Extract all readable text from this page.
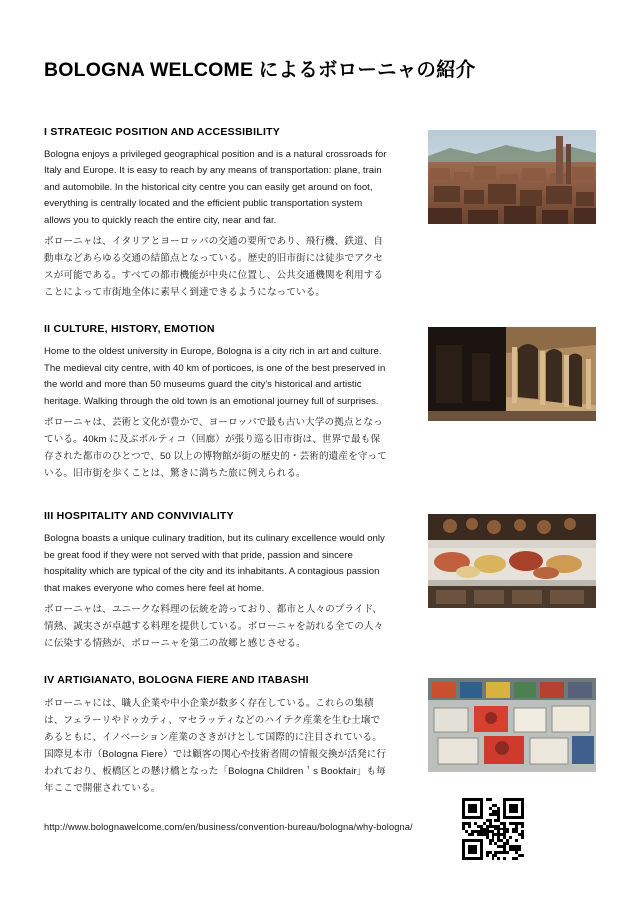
BOLOGNA WELCOME によるボローニャの紹介
I STRATEGIC POSITION AND ACCESSIBILITY

Bologna enjoys a privileged geographical position and is a natural crossroads for Italy and Europe. It is easy to reach by any means of transportation: plane, train and automobile. In the historical city centre you can easily get around on foot, everything is centrally located and the efficient public transportation system allows you to quickly reach the entire city, near and far.

ボローニャは、イタリアとヨーロッパの交通の要所であり、飛行機、鉄道、自動車などあらゆる交通の結節点となっている。歴史的旧市街には徒歩でアクセスが可能である。すべての都市機能が中央に位置し、公共交通機関を利用することによって市街地全体に素早く到達できるようになっている。

II CULTURE, HISTORY, EMOTION

Home to the oldest university in Europe, Bologna is a city rich in art and culture. The medieval city centre, with 40 km of porticoes, is one of the best preserved in the world and more than 50 museums guard the city's historical and artistic heritage. Walking through the old town is an emotional journey full of surprises.

ボローニャは、芸術と文化が豊かで、ヨーロッパで最も古い大学の拠点となっている。40km に及ぶポルティコ（回廊）が張り巡る旧市街は、世界で最も保存された都市のひとつで、50 以上の博物館が街の歴史的・芸術的遺産を守っている。旧市街を歩くことは、驚きに満ちた旅に例えられる。

III HOSPITALITY AND CONVIVIALITY

Bologna boasts a unique culinary tradition, but its culinary excellence would only be great food if they were not served with that pride, passion and sincere hospitality which are typical of the city and its inhabitants. A contagious passion that makes everyone who comes here feel at home.

ボローニャは、ユニークな料理の伝統を誇っており、都市と人々のプライド、情熱、誠実さが卓越する料理を提供している。ボローニャを訪れる全ての人々に伝染する情熱が、ボローニャを第二の故郷と感じさせる。

IV ARTIGIANATO, BOLOGNA FIERE AND ITABASHI

ボローニャには、職人企業や中小企業が数多く存在している。これらの集積は、フェラーリやドゥカティ、マセラッティなどのハイテク産業を生む土壌であるともに、イノベーション産業のさきがけとして国際的に注目されている。国際見本市（Bologna Fiere）では顧客の関心や技術者間の情報交換が活発に行われており、板橋区との懸け橋となった「Bologna Children＇s Bookfair」も毎年ここで開催されている。

http://www.bolognawelcome.com/en/business/convention-bureau/bologna/why-bologna/
